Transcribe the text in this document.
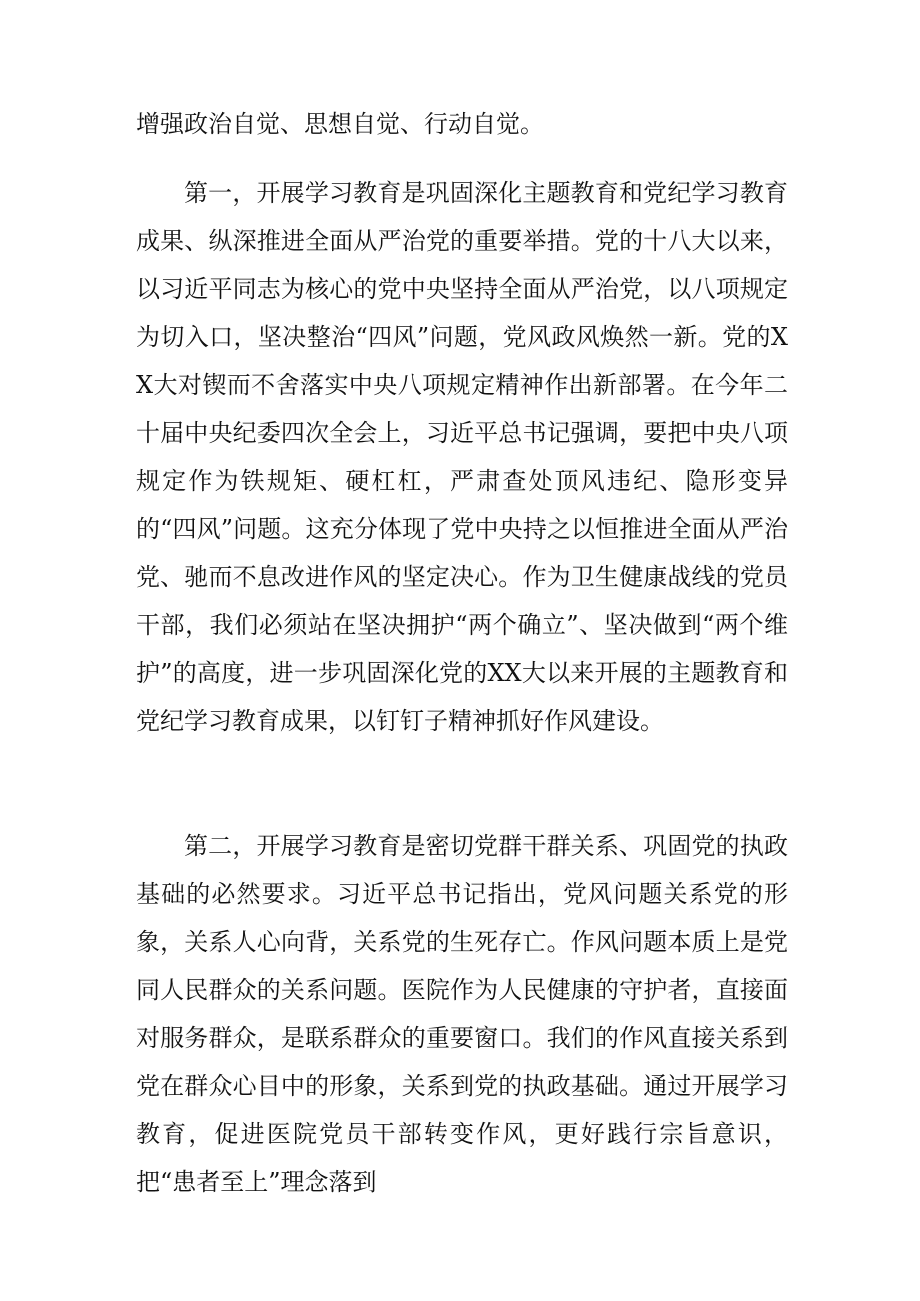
增强政治自觉、思想自觉、行动自觉。

第一，开展学习教育是巩固深化主题教育和党纪学习教育成果、纵深推进全面从严治党的重要举措。党的十八大以来，以习近平同志为核心的党中央坚持全面从严治党，以八项规定为切入口，坚决整治“四风”问题，党风政风焕然一新。党的XX大对锲而不舍落实中央八项规定精神作出新部署。在今年二十届中央纪委四次全会上，习近平总书记强调，要把中央八项规定作为铁规矩、硬杠杠，严肃查处顶风违纪、隐形变异的“四风”问题。这充分体现了党中央持之以恒推进全面从严治党、驰而不息改进作风的坚定决心。作为卫生健康战线的党员干部，我们必须站在坚决拥护“两个确立”、坚决做到“两个维护”的高度，进一步巩固深化党的XX大以来开展的主题教育和党纪学习教育成果，以钉钉子精神抓好作风建设。

第二，开展学习教育是密切党群干群关系、巩固党的执政基础的必然要求。习近平总书记指出，党风问题关系党的形象，关系人心向背，关系党的生死存亡。作风问题本质上是党同人民群众的关系问题。医院作为人民健康的守护者，直接面对服务群众，是联系群众的重要窗口。我们的作风直接关系到党在群众心目中的形象，关系到党的执政基础。通过开展学习教育，促进医院党员干部转变作风，更好践行宗旨意识，把“患者至上”理念落到
